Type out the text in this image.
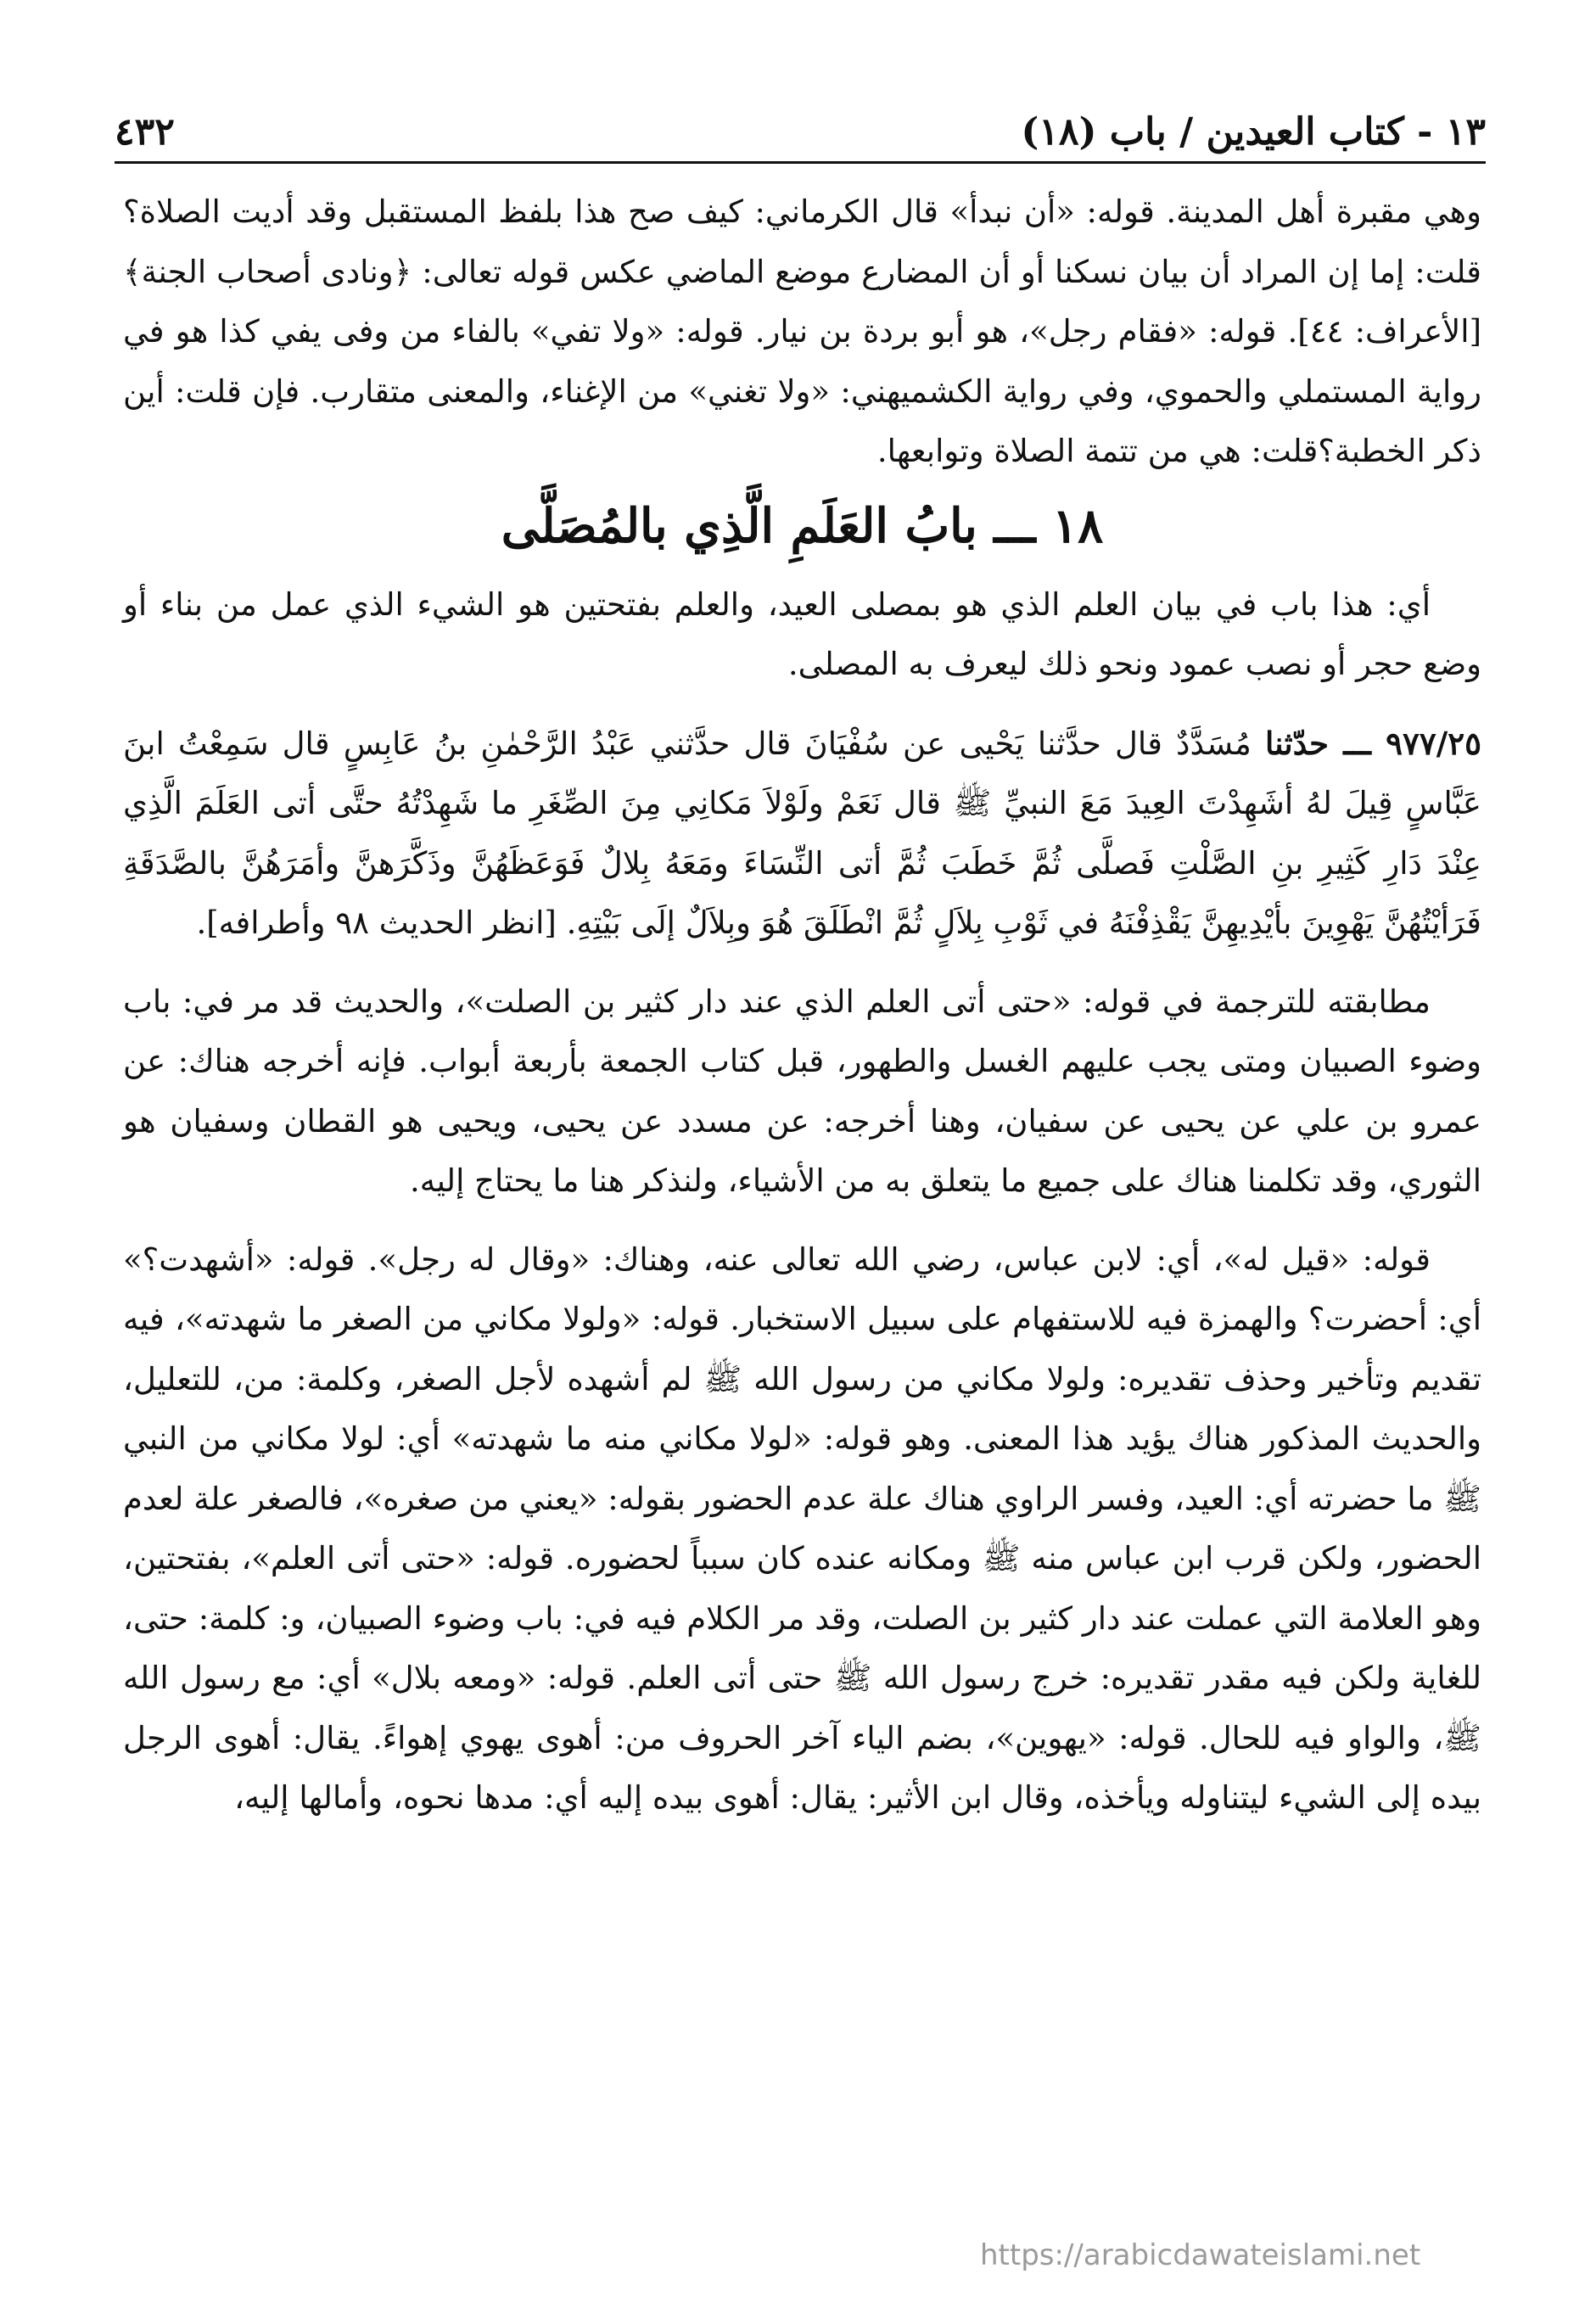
١٣ - كتاب العيدين / باب (١٨)
٤٣٢

وهي مقبرة أهل المدينة. قوله: «أن نبدأ» قال الكرماني: كيف صح هذا بلفظ المستقبل وقد أديت الصلاة؟ قلت: إما إن المراد أن بيان نسكنا أو أن المضارع موضع الماضي عكس قوله تعالى: ﴿ونادى أصحاب الجنة﴾ [الأعراف: ٤٤]. قوله: «فقام رجل»، هو أبو بردة بن نيار. قوله: «ولا تفي» بالفاء من وفى يفي كذا هو في رواية المستملي والحموي، وفي رواية الكشميهني: «ولا تغني» من الإغناء، والمعنى متقارب. فإن قلت: أين ذكر الخطبة؟قلت: هي من تتمة الصلاة وتوابعها.

١٨ ـــ بابُ العَلَمِ الَّذِي بالمُصَلَّى

أي: هذا باب في بيان العلم الذي هو بمصلى العيد، والعلم بفتحتين هو الشيء الذي عمل من بناء أو وضع حجر أو نصب عمود ونحو ذلك ليعرف به المصلى.

٩٧٧/٢٥ ـــ حدّثنا مُسَدَّدٌ قال حدَّثنا يَحْيى عن سُفْيَانَ قال حدَّثني عَبْدُ الرَّحْمٰنِ بنُ عَابِسٍ قال سَمِعْتُ ابنَ عَبَّاسٍ قِيلَ لهُ أشَهِدْتَ العِيدَ مَعَ النبيِّ ﷺ قال نَعَمْ ولَوْلاَ مَكانِي مِنَ الصِّغَرِ ما شَهِدْتُهُ حتَّى أتى العَلَمَ الَّذِي عِنْدَ دَارِ كَثِيرِ بنِ الصَّلْتِ فَصلَّى ثُمَّ خَطَبَ ثُمَّ أتى النِّسَاءَ ومَعَهُ بِلالٌ فَوَعَظَهُنَّ وذَكَّرَهنَّ وأمَرَهُنَّ بالصَّدَقَةِ فَرَأيْتُهُنَّ يَهْوِينَ بأيْدِيهِنَّ يَقْذِفْنَهُ في ثَوْبِ بِلاَلٍ ثُمَّ انْطَلَقَ هُوَ وبِلاَلٌ إلَى بَيْتِهِ. [انظر الحديث ٩٨ وأطرافه].

مطابقته للترجمة في قوله: «حتى أتى العلم الذي عند دار كثير بن الصلت»، والحديث قد مر في: باب وضوء الصبيان ومتى يجب عليهم الغسل والطهور، قبل كتاب الجمعة بأربعة أبواب. فإنه أخرجه هناك: عن عمرو بن علي عن يحيى عن سفيان، وهنا أخرجه: عن مسدد عن يحيى، ويحيى هو القطان وسفيان هو الثوري، وقد تكلمنا هناك على جميع ما يتعلق به من الأشياء، ولنذكر هنا ما يحتاج إليه.

قوله: «قيل له»، أي: لابن عباس، رضي الله تعالى عنه، وهناك: «وقال له رجل». قوله: «أشهدت؟» أي: أحضرت؟ والهمزة فيه للاستفهام على سبيل الاستخبار. قوله: «ولولا مكاني من الصغر ما شهدته»، فيه تقديم وتأخير وحذف تقديره: ولولا مكاني من رسول الله ﷺ لم أشهده لأجل الصغر، وكلمة: من، للتعليل، والحديث المذكور هناك يؤيد هذا المعنى. وهو قوله: «لولا مكاني منه ما شهدته» أي: لولا مكاني من النبي ﷺ ما حضرته أي: العيد، وفسر الراوي هناك علة عدم الحضور بقوله: «يعني من صغره»، فالصغر علة لعدم الحضور، ولكن قرب ابن عباس منه ﷺ ومكانه عنده كان سبباً لحضوره. قوله: «حتى أتى العلم»، بفتحتين، وهو العلامة التي عملت عند دار كثير بن الصلت، وقد مر الكلام فيه في: باب وضوء الصبيان، و: كلمة: حتى، للغاية ولكن فيه مقدر تقديره: خرج رسول الله ﷺ حتى أتى العلم. قوله: «ومعه بلال» أي: مع رسول الله ﷺ، والواو فيه للحال. قوله: «يهوين»، بضم الياء آخر الحروف من: أهوى يهوي إهواءً. يقال: أهوى الرجل بيده إلى الشيء ليتناوله ويأخذه، وقال ابن الأثير: يقال: أهوى بيده إليه أي: مدها نحوه، وأمالها إليه،

https://arabicdawateislami.net
